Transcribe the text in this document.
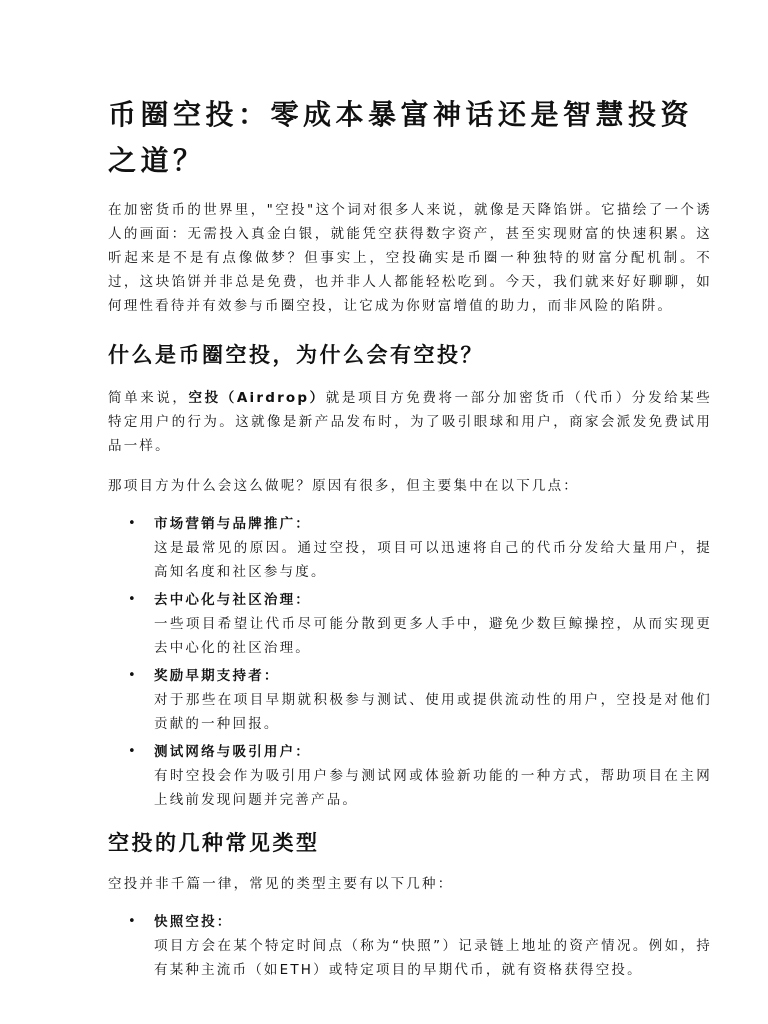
币圈空投：零成本暴富神话还是智慧投资之道？

在加密货币的世界里，"空投"这个词对很多人来说，就像是天降馅饼。它描绘了一个诱人的画面：无需投入真金白银，就能凭空获得数字资产，甚至实现财富的快速积累。这听起来是不是有点像做梦？但事实上，空投确实是币圈一种独特的财富分配机制。不过，这块馅饼并非总是免费，也并非人人都能轻松吃到。今天，我们就来好好聊聊，如何理性看待并有效参与币圈空投，让它成为你财富增值的助力，而非风险的陷阱。

什么是币圈空投，为什么会有空投？

简单来说，空投（Airdrop）就是项目方免费将一部分加密货币（代币）分发给某些特定用户的行为。这就像是新产品发布时，为了吸引眼球和用户，商家会派发免费试用品一样。

那项目方为什么会这么做呢？原因有很多，但主要集中在以下几点：

• 市场营销与品牌推广：
这是最常见的原因。通过空投，项目可以迅速将自己的代币分发给大量用户，提高知名度和社区参与度。
• 去中心化与社区治理：
一些项目希望让代币尽可能分散到更多人手中，避免少数巨鲸操控，从而实现更去中心化的社区治理。
• 奖励早期支持者：
对于那些在项目早期就积极参与测试、使用或提供流动性的用户，空投是对他们贡献的一种回报。
• 测试网络与吸引用户：
有时空投会作为吸引用户参与测试网或体验新功能的一种方式，帮助项目在主网上线前发现问题并完善产品。
空投的几种常见类型

空投并非千篇一律，常见的类型主要有以下几种：

• 快照空投：
项目方会在某个特定时间点（称为“快照”）记录链上地址的资产情况。例如，持有某种主流币（如ETH）或特定项目的早期代币，就有资格获得空投。
